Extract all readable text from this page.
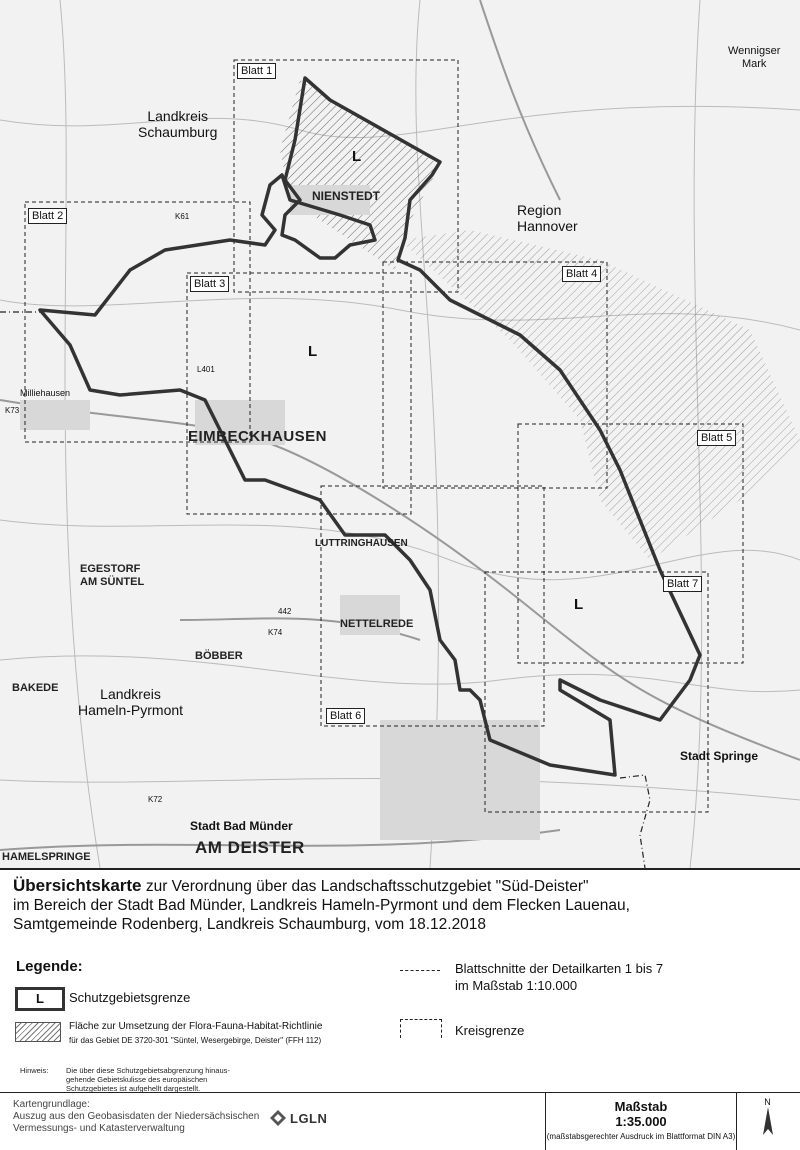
Landkreis
Schaumburg
Region
Hannover
Landkreis
Hameln-Pyrmont
Blatt 1
Blatt 2
Blatt 3
Blatt 4
Blatt 5
Blatt 6
Blatt 7
L
L
L
NIENSTEDT
EIMBECKHAUSEN
LUTTRINGHAUSEN
EGESTORF
AM SÜNTEL
NETTELREDE
BÖBBER
BAKEDE
HAMELSPRINGE	AM DEISTER
Wennigser
Mark
Milliehausen
Stadt Springe
Stadt Bad Münder
K61
L401
442
K74
K72
K73
Übersichtskarte zur Verordnung über das Landschaftsschutzgebiet "Süd-Deister"
im Bereich der Stadt Bad Münder, Landkreis Hameln-Pyrmont und dem Flecken Lauenau,
Samtgemeinde Rodenberg, Landkreis Schaumburg, vom 18.12.2018
Legende:
L	Schutzgebietsgrenze
Fläche zur Umsetzung der Flora-Fauna-Habitat-Richtlinie
für das Gebiet DE 3720-301 "Süntel, Wesergebirge, Deister" (FFH 112)
Blattschnitte der Detailkarten 1 bis 7
im Maßstab 1:10.000
Kreisgrenze
Hinweis: Die über diese Schutzgebietsabgrenzung hinaus-
gehende Gebietskulisse des europäischen
Schutzgebietes ist aufgehellt dargestellt.
Kartengrundlage:
Auszug aus den Geobasisdaten der Niedersächsischen
Vermessungs- und Katasterverwaltung
LGLN
Maßstab
1:35.000
(maßstabsgerechter Ausdruck im Blattformat DIN A3)
N
